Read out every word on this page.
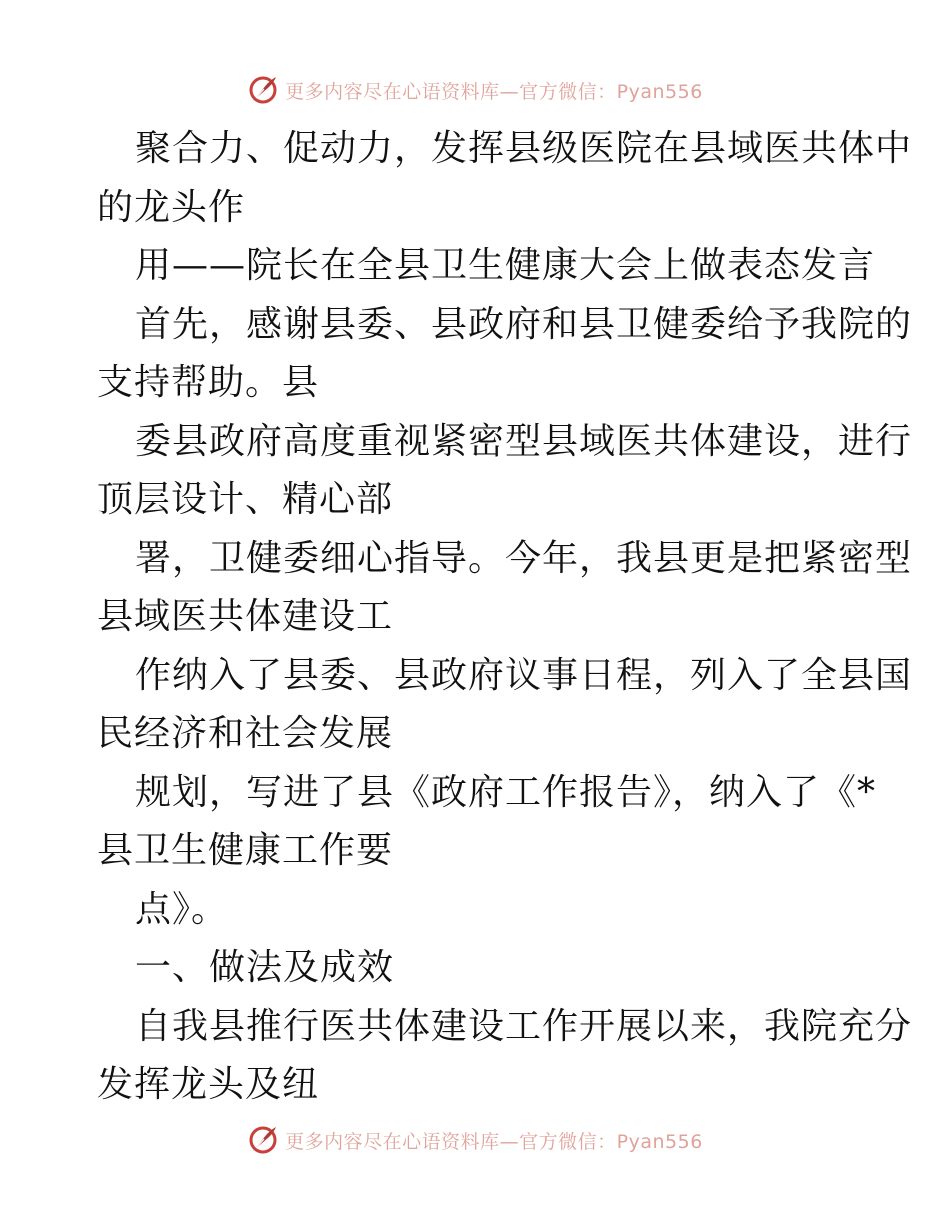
更多内容尽在心语资料库—官方微信：Pyan556
聚合力、促动力，发挥县级医院在县域医共体中
的龙头作
用——院长在全县卫生健康大会上做表态发言
首先，感谢县委、县政府和县卫健委给予我院的
支持帮助。县
委县政府高度重视紧密型县域医共体建设，进行
顶层设计、精心部
署，卫健委细心指导。今年，我县更是把紧密型
县域医共体建设工
作纳入了县委、县政府议事日程，列入了全县国
民经济和社会发展
规划，写进了县《政府工作报告》，纳入了《*
县卫生健康工作要
点》。
一、做法及成效
自我县推行医共体建设工作开展以来，我院充分
发挥龙头及纽
更多内容尽在心语资料库—官方微信：Pyan556
